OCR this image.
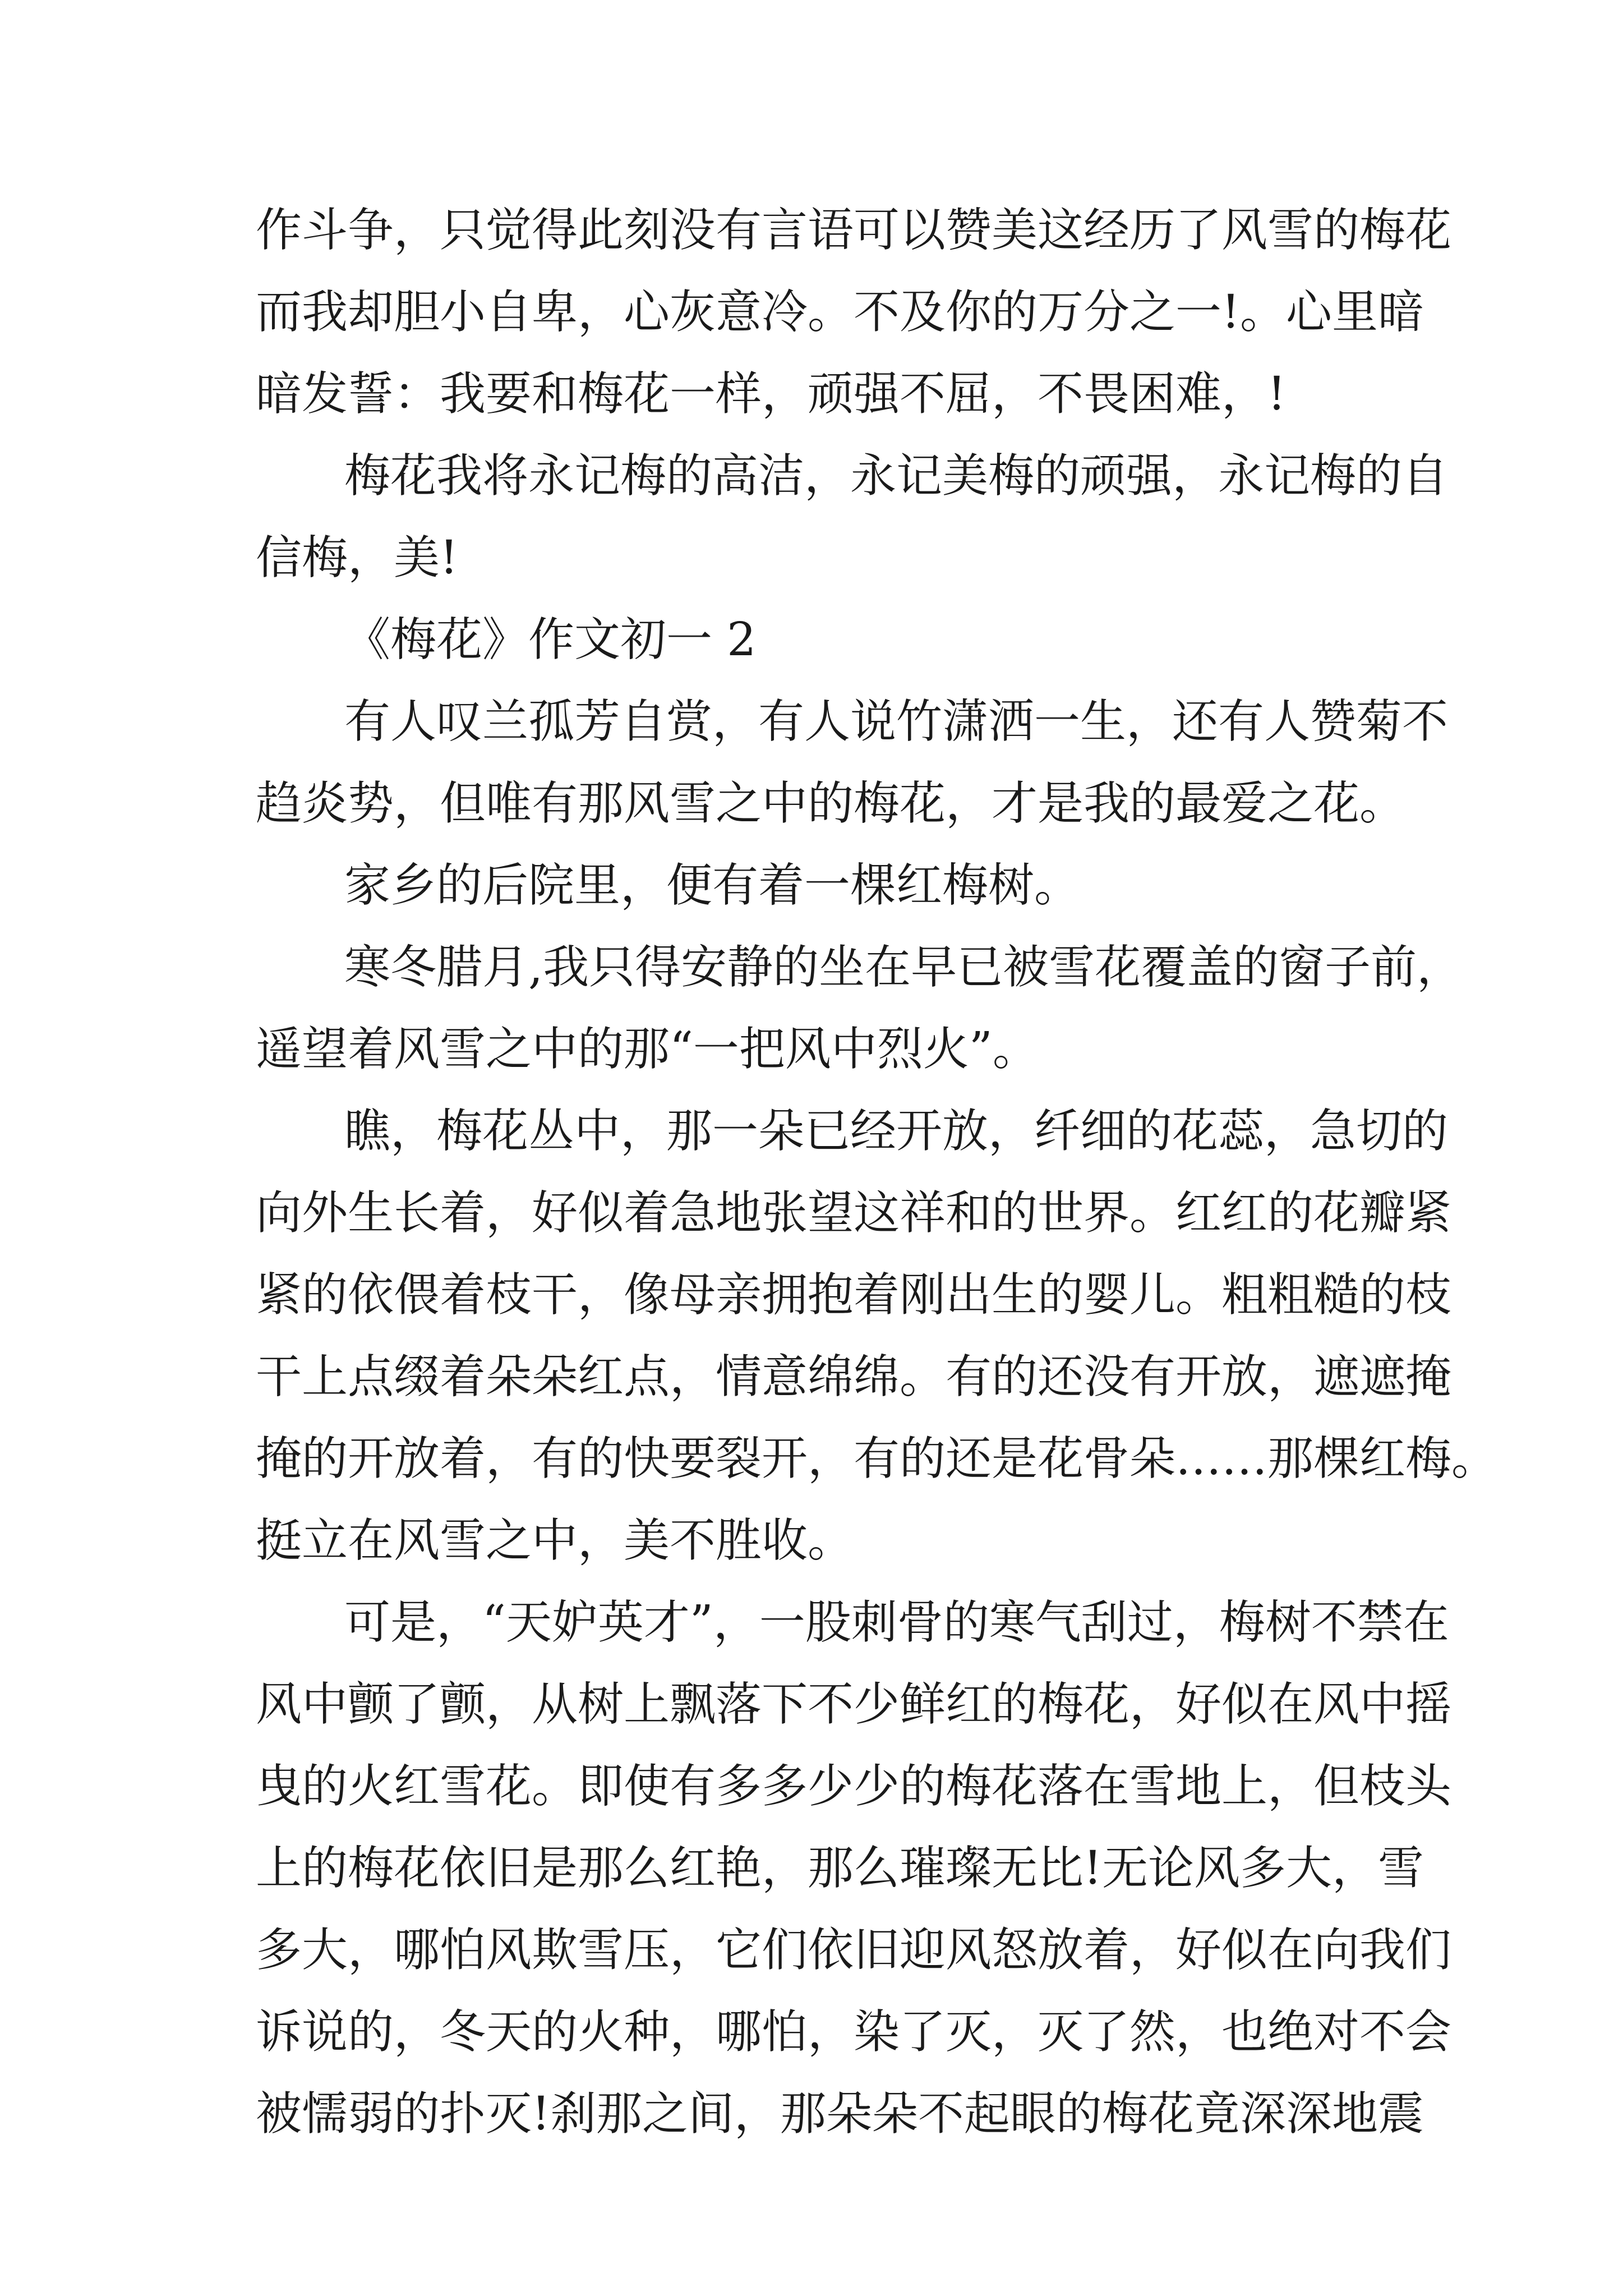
作斗争，只觉得此刻没有言语可以赞美这经历了风雪的梅花
而我却胆小自卑，心灰意冷。不及你的万分之一!。心里暗
暗发誓：我要和梅花一样，顽强不屈，不畏困难，!
梅花我将永记梅的高洁，永记美梅的顽强，永记梅的自
信梅，美!
《梅花》作文初一 2
有人叹兰孤芳自赏，有人说竹潇洒一生，还有人赞菊不
趋炎势，但唯有那风雪之中的梅花，才是我的最爱之花。
家乡的后院里，便有着一棵红梅树。
寒冬腊月,我只得安静的坐在早已被雪花覆盖的窗子前，
遥望着风雪之中的那“一把风中烈火”。
瞧，梅花丛中，那一朵已经开放，纤细的花蕊，急切的
向外生长着，好似着急地张望这祥和的世界。红红的花瓣紧
紧的依偎着枝干，像母亲拥抱着刚出生的婴儿。粗粗糙的枝
干上点缀着朵朵红点，情意绵绵。有的还没有开放，遮遮掩
掩的开放着，有的快要裂开，有的还是花骨朵……那棵红梅。
挺立在风雪之中，美不胜收。
可是，“天妒英才”，一股刺骨的寒气刮过，梅树不禁在
风中颤了颤，从树上飘落下不少鲜红的梅花，好似在风中摇
曳的火红雪花。即使有多多少少的梅花落在雪地上，但枝头
上的梅花依旧是那么红艳，那么璀璨无比!无论风多大，雪
多大，哪怕风欺雪压，它们依旧迎风怒放着，好似在向我们
诉说的，冬天的火种，哪怕，染了灭，灭了然，也绝对不会
被懦弱的扑灭!刹那之间，那朵朵不起眼的梅花竟深深地震
